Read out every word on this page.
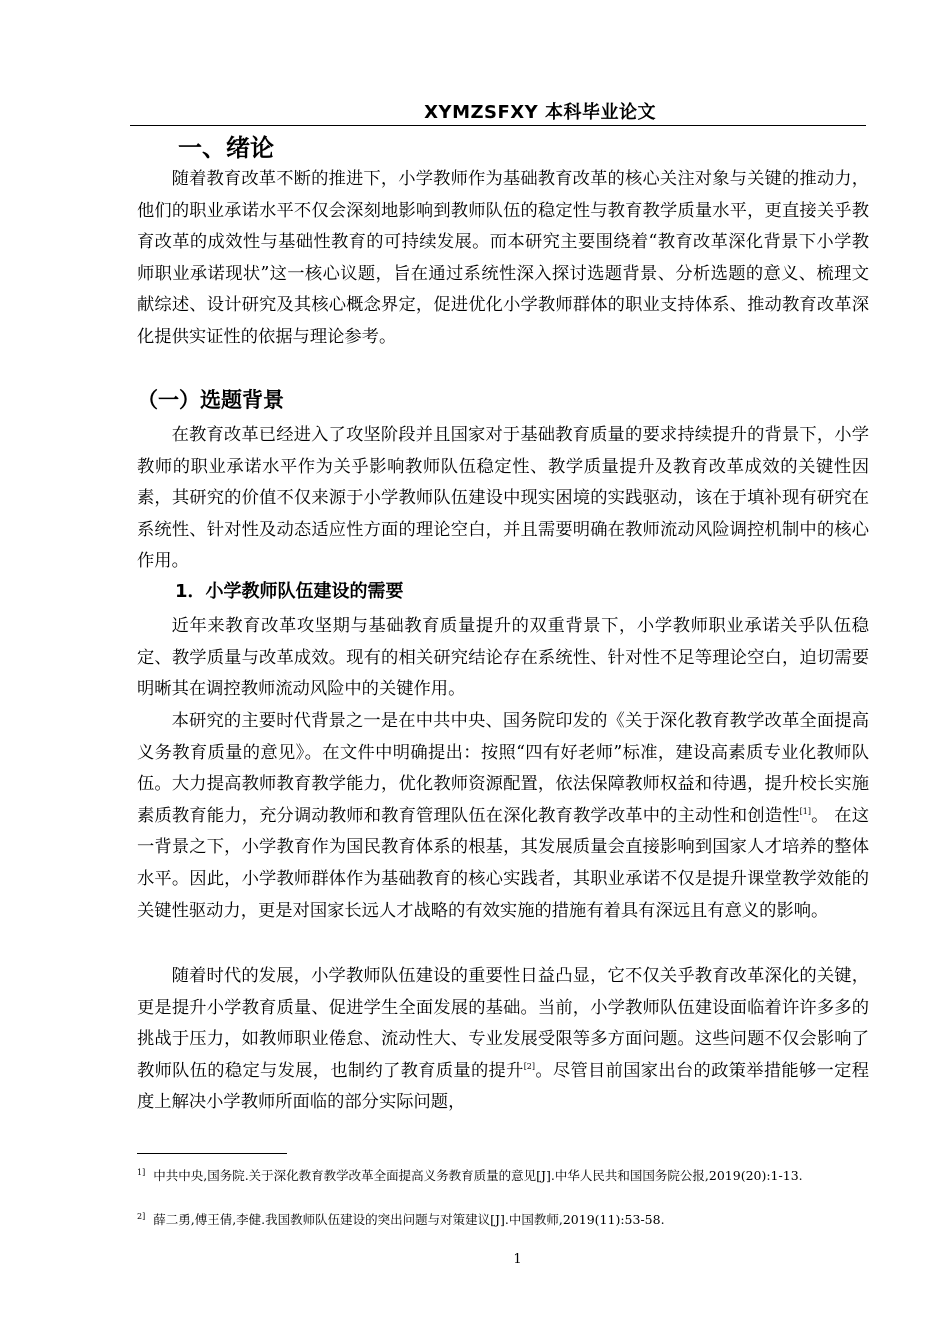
XYMZSFXY 本科毕业论文
一、绪论

随着教育改革不断的推进下，小学教师作为基础教育改革的核心关注对象与关键的推动力，他们的职业承诺水平不仅会深刻地影响到教师队伍的稳定性与教育教学质量水平，更直接关乎教育改革的成效性与基础性教育的可持续发展。而本研究主要围绕着“教育改革深化背景下小学教师职业承诺现状”这一核心议题，旨在通过系统性深入探讨选题背景、分析选题的意义、梳理文献综述、设计研究及其核心概念界定，促进优化小学教师群体的职业支持体系、推动教育改革深化提供实证性的依据与理论参考。

（一）选题背景

在教育改革已经进入了攻坚阶段并且国家对于基础教育质量的要求持续提升的背景下，小学教师的职业承诺水平作为关乎影响教师队伍稳定性、教学质量提升及教育改革成效的关键性因素，其研究的价值不仅来源于小学教师队伍建设中现实困境的实践驱动，该在于填补现有研究在系统性、针对性及动态适应性方面的理论空白，并且需要明确在教师流动风险调控机制中的核心作用。

1．小学教师队伍建设的需要

近年来教育改革攻坚期与基础教育质量提升的双重背景下，小学教师职业承诺关乎队伍稳定、教学质量与改革成效。现有的相关研究结论存在系统性、针对性不足等理论空白，迫切需要明晰其在调控教师流动风险中的关键作用。

本研究的主要时代背景之一是在中共中央、国务院印发的《关于深化教育教学改革全面提高义务教育质量的意见》。在文件中明确提出：按照“四有好老师”标准，建设高素质专业化教师队伍。大力提高教师教育教学能力，优化教师资源配置，依法保障教师权益和待遇，提升校长实施素质教育能力，充分调动教师和教育管理队伍在深化教育教学改革中的主动性和创造性[1]。 在这一背景之下，小学教育作为国民教育体系的根基，其发展质量会直接影响到国家人才培养的整体水平。因此，小学教师群体作为基础教育的核心实践者，其职业承诺不仅是提升课堂教学效能的关键性驱动力，更是对国家长远人才战略的有效实施的措施有着具有深远且有意义的影响。

随着时代的发展，小学教师队伍建设的重要性日益凸显，它不仅关乎教育改革深化的关键，更是提升小学教育质量、促进学生全面发展的基础。当前，小学教师队伍建设面临着许许多多的挑战于压力，如教师职业倦怠、流动性大、专业发展受限等多方面问题。这些问题不仅会影响了教师队伍的稳定与发展，也制约了教育质量的提升[2]。尽管目前国家出台的政策举措能够一定程度上解决小学教师所面临的部分实际问题，

$^{1]}$ 中共中央,国务院.关于深化教育教学改革全面提高义务教育质量的意见[J].中华人民共和国国务院公报,2019(20):1-13.

$^{2]}$ 薛二勇,傅王倩,李健.我国教师队伍建设的突出问题与对策建议[J].中国教师,2019(11):53-58.

1
